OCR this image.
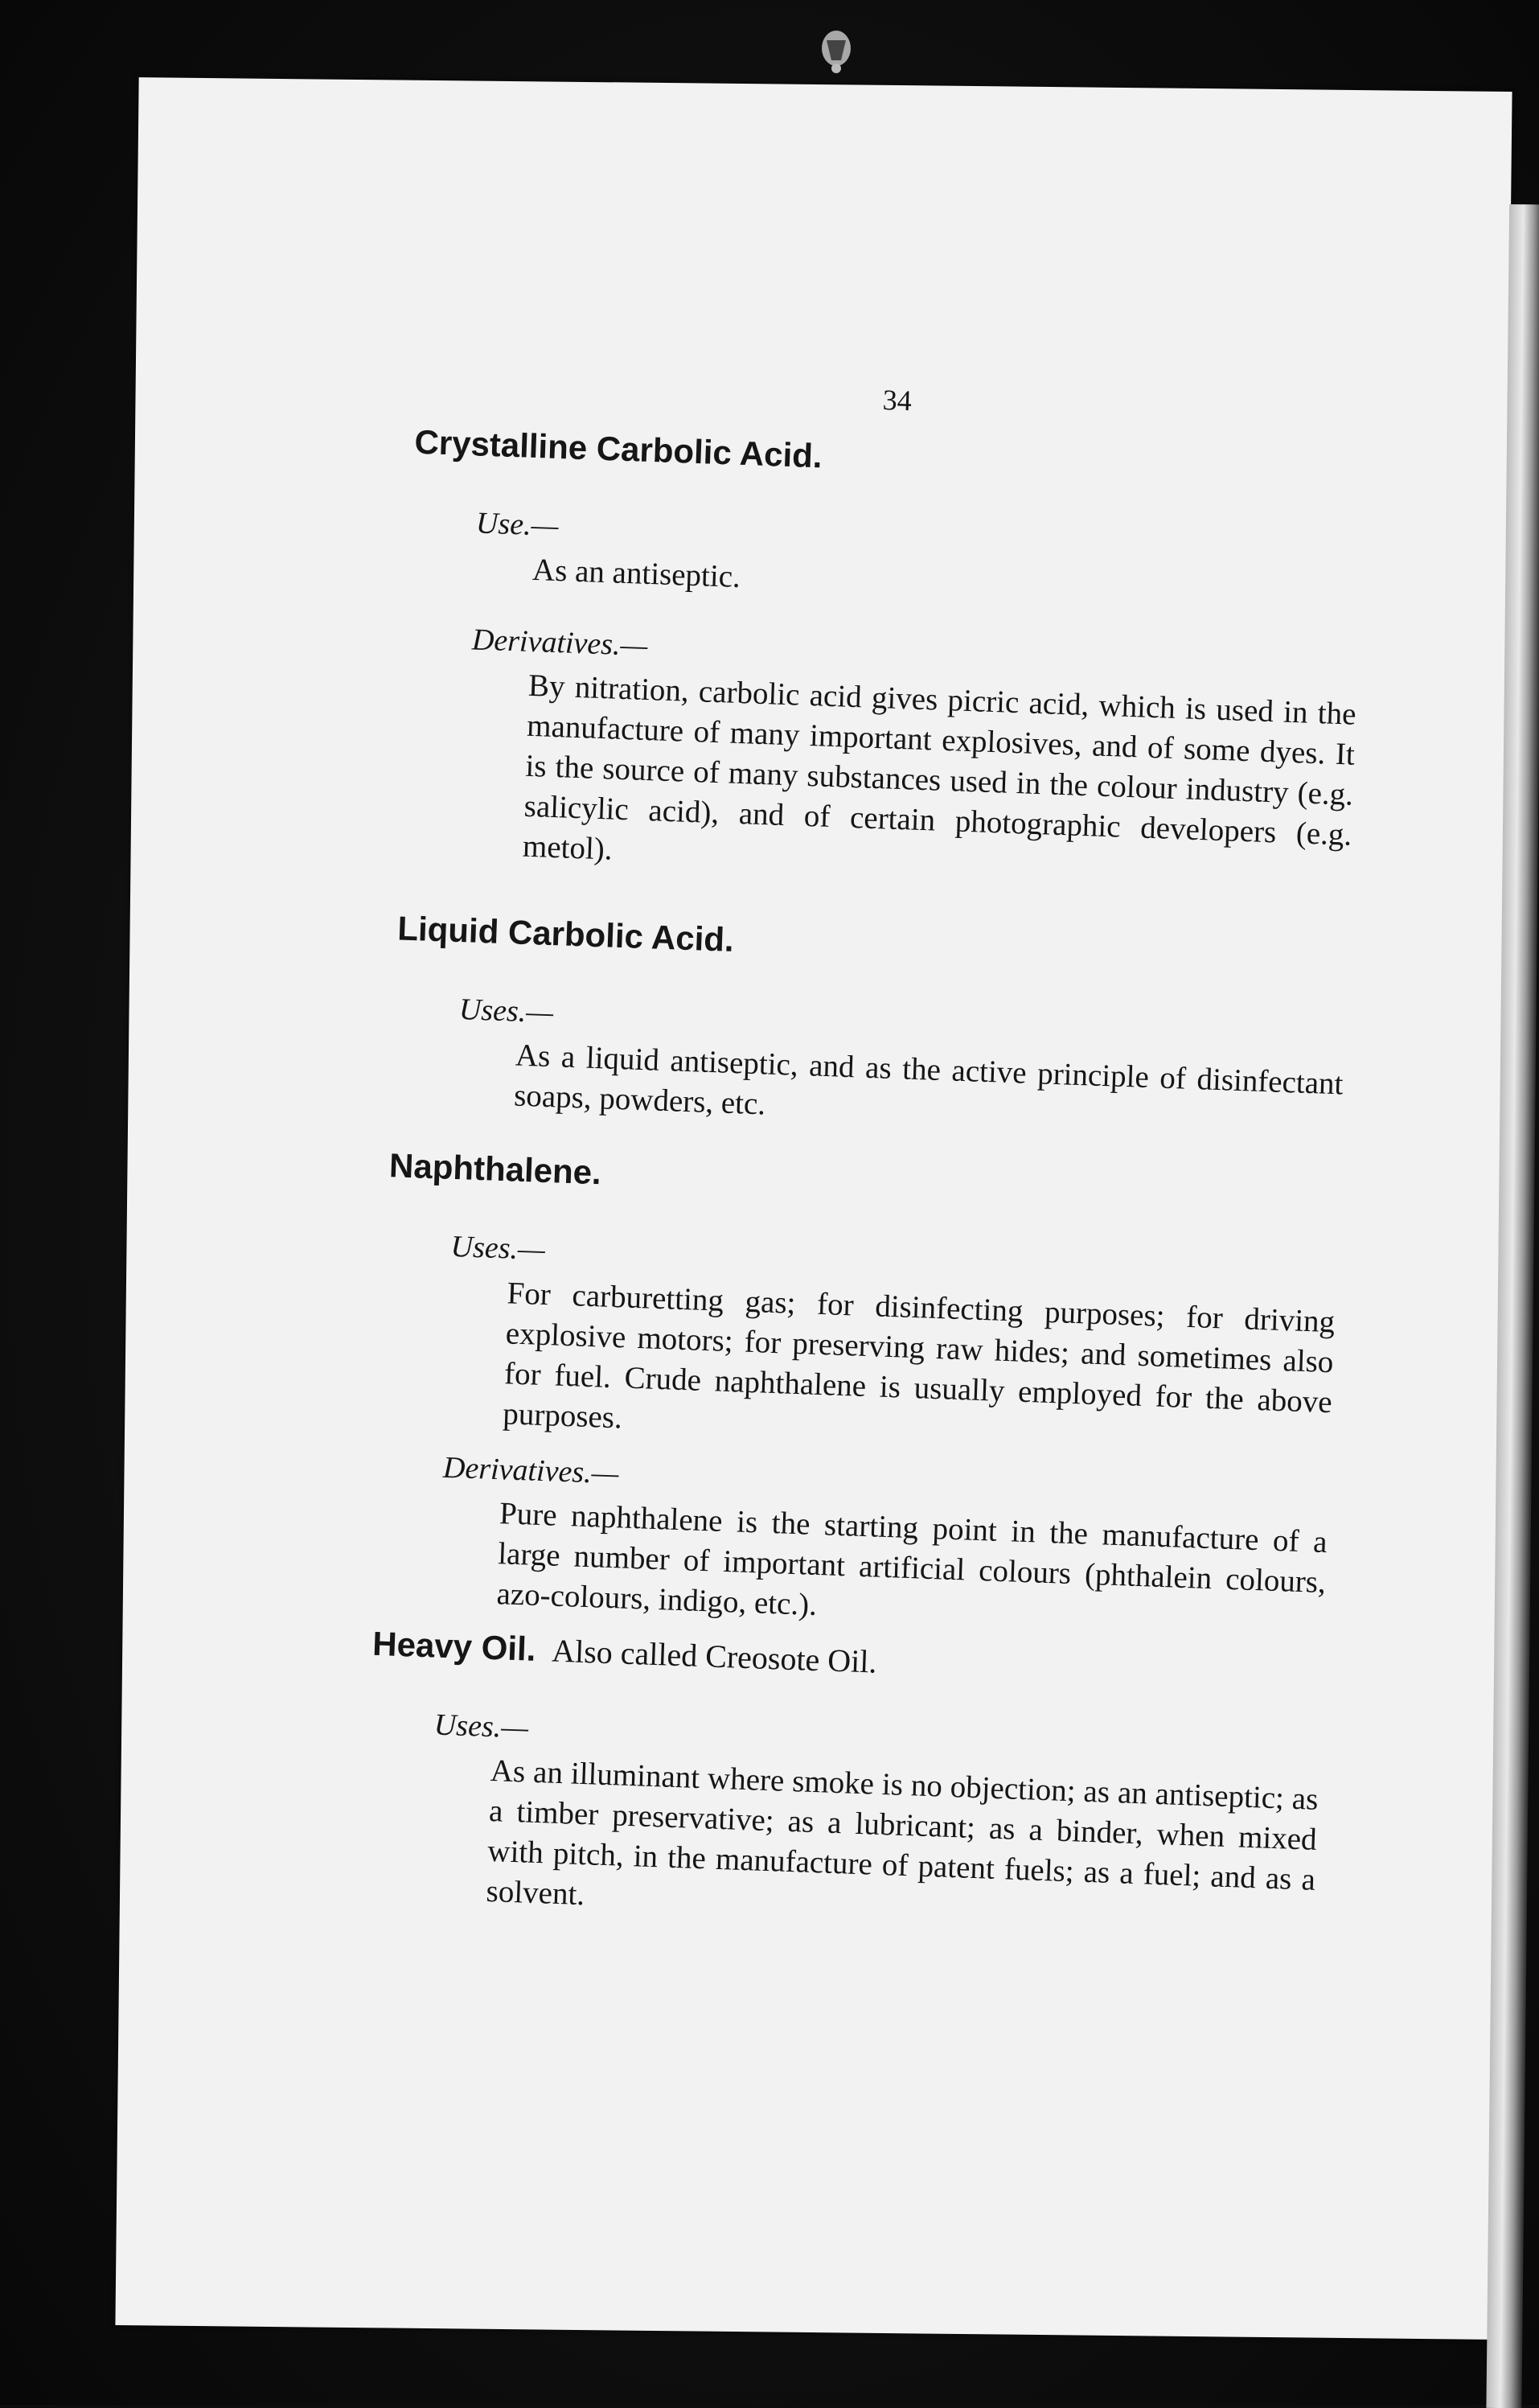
34
Crystalline Carbolic Acid.
Use.—
As an antiseptic.
Derivatives.—
By nitration, carbolic acid gives picric acid, which is used in the manufacture of many important explosives, and of some dyes. It is the source of many substances used in the colour industry (e.g. salicylic acid), and of certain photographic developers (e.g. metol).
Liquid Carbolic Acid.
Uses.—
As a liquid antiseptic, and as the active principle of disinfectant soaps, powders, etc.
Naphthalene.
Uses.—
For carburetting gas; for disinfecting purposes; for driving explosive motors; for preserving raw hides; and sometimes also for fuel. Crude naphthalene is usually employed for the above purposes.
Derivatives.—
Pure naphthalene is the starting point in the manufacture of a large number of important artificial colours (phthalein colours, azo-colours, indigo, etc.).
Heavy Oil. Also called Creosote Oil.
Uses.—
As an illuminant where smoke is no objection; as an antiseptic; as a timber preservative; as a lubricant; as a binder, when mixed with pitch, in the manufacture of patent fuels; as a fuel; and as a solvent.
